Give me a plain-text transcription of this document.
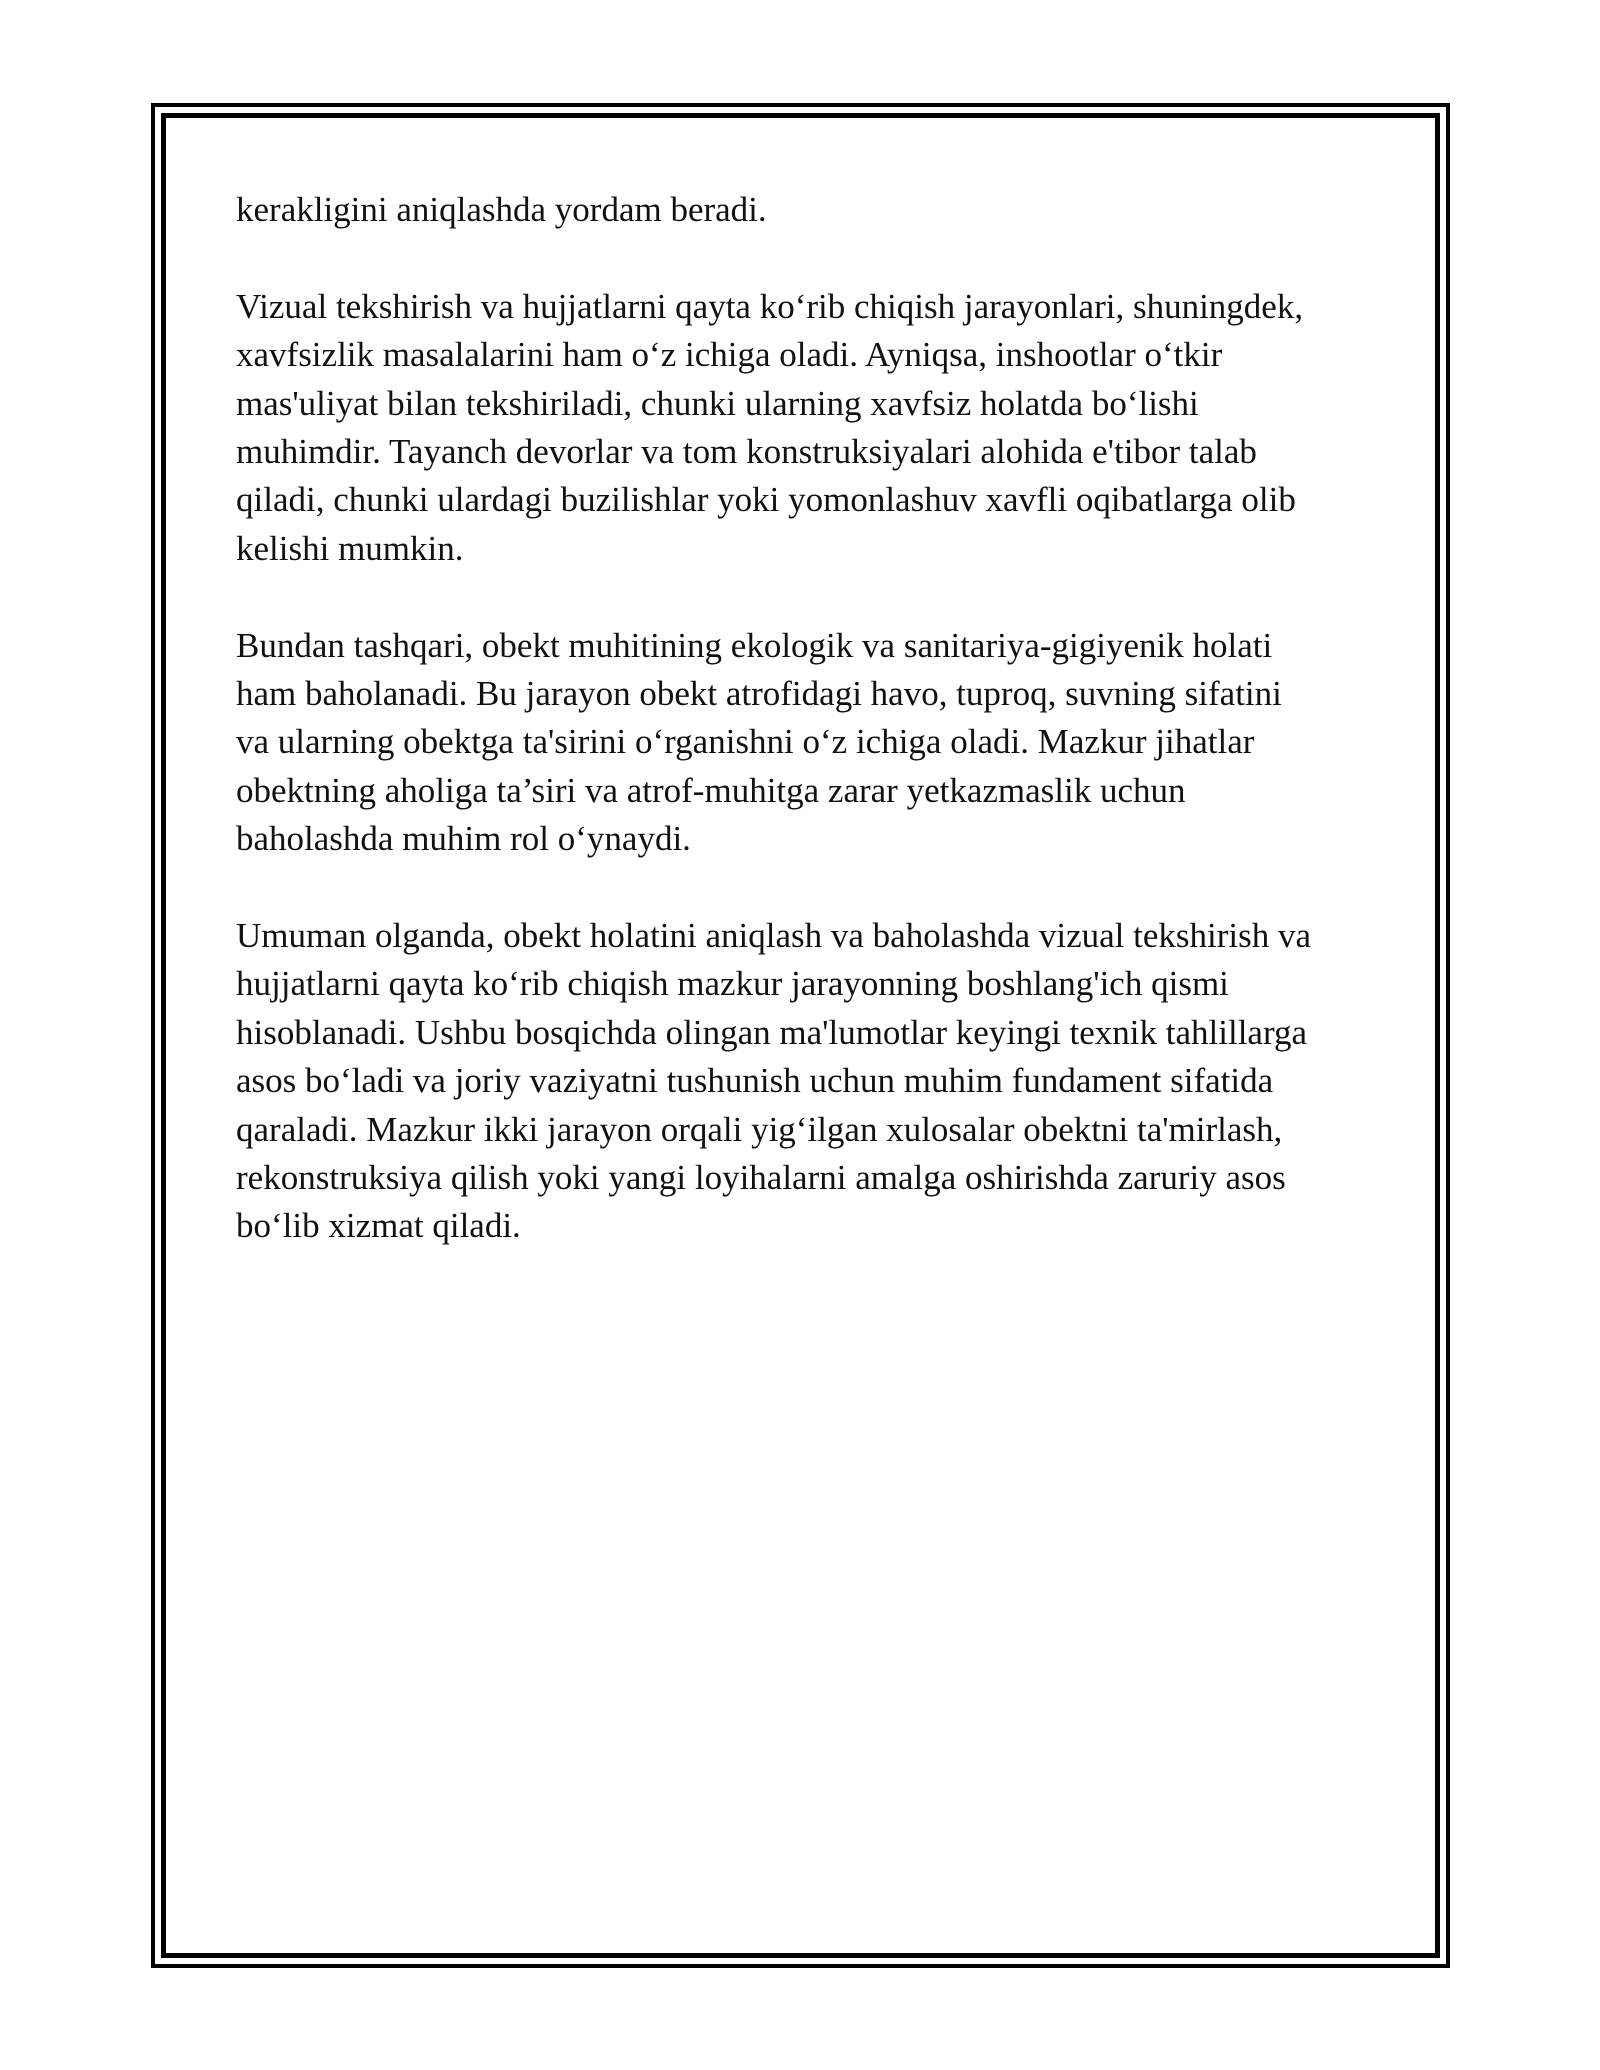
kerakligini aniqlashda yordam beradi.

Vizual tekshirish va hujjatlarni qayta ko‘rib chiqish jarayonlari, shuningdek,
xavfsizlik masalalarini ham o‘z ichiga oladi. Ayniqsa, inshootlar o‘tkir
mas'uliyat bilan tekshiriladi, chunki ularning xavfsiz holatda bo‘lishi
muhimdir. Tayanch devorlar va tom konstruksiyalari alohida e'tibor talab
qiladi, chunki ulardagi buzilishlar yoki yomonlashuv xavfli oqibatlarga olib
kelishi mumkin.

Bundan tashqari, obekt muhitining ekologik va sanitariya-gigiyenik holati
ham baholanadi. Bu jarayon obekt atrofidagi havo, tuproq, suvning sifatini
va ularning obektga ta'sirini o‘rganishni o‘z ichiga oladi. Mazkur jihatlar
obektning aholiga ta’siri va atrof-muhitga zarar yetkazmaslik uchun
baholashda muhim rol o‘ynaydi.

Umuman olganda, obekt holatini aniqlash va baholashda vizual tekshirish va
hujjatlarni qayta ko‘rib chiqish mazkur jarayonning boshlang'ich qismi
hisoblanadi. Ushbu bosqichda olingan ma'lumotlar keyingi texnik tahlillarga
asos bo‘ladi va joriy vaziyatni tushunish uchun muhim fundament sifatida
qaraladi. Mazkur ikki jarayon orqali yig‘ilgan xulosalar obektni ta'mirlash,
rekonstruksiya qilish yoki yangi loyihalarni amalga oshirishda zaruriy asos
bo‘lib xizmat qiladi.
